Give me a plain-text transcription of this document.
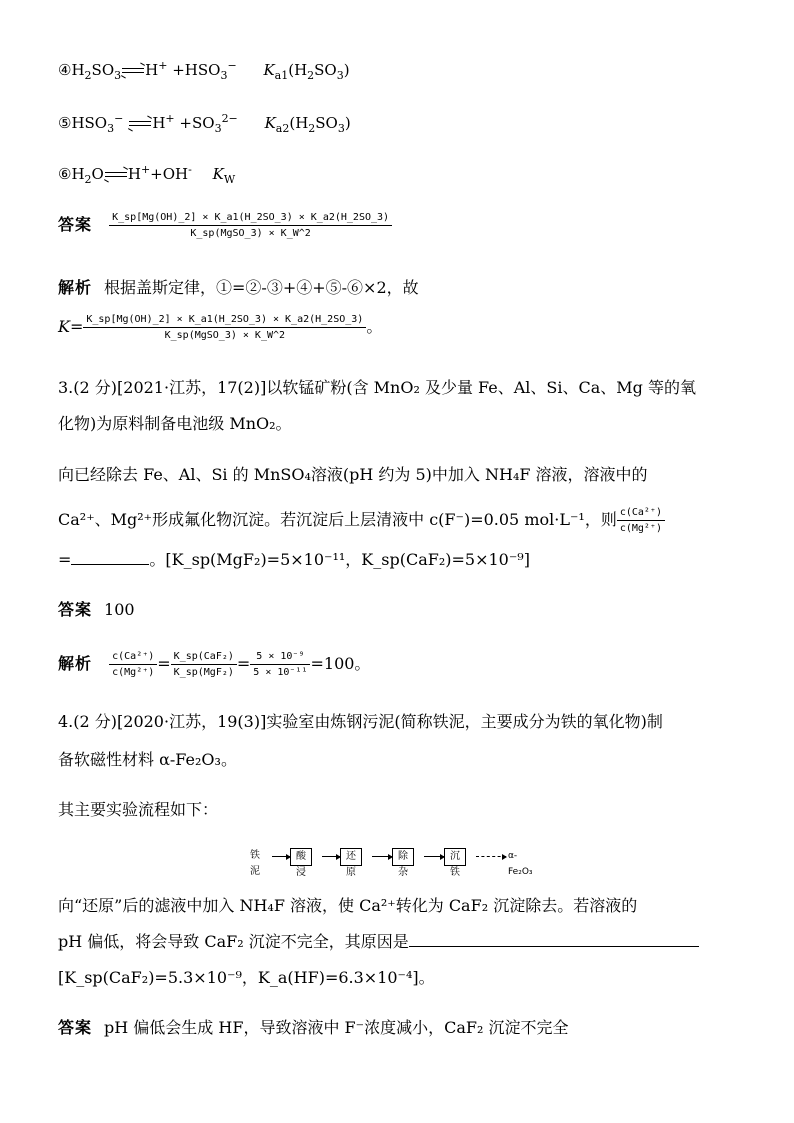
$④H_2SO_3\to H^+ +HSO_3^-$ $K_{a1}(H_2SO_3)$
$⑤HSO_3^- \to H^+ +SO_3^{2-}$ $K_{a2}(H_2SO_3)$
$⑥H_2O\to H^++OH^-$ $K_W$
答案 $\frac{K\_sp[Mg(OH)\_2] \times K\_a1(H\_2SO\_3) \times K\_a2(H\_2SO\_3)}{\text{K\_sp(MgSO\_3) × K\_W\textasciicircum{}2}}$
解析 根据盖斯定律，①=②-③+④+⑤-⑥×2，故
$K= \frac{K\_sp[Mg(OH)\_2] \times K\_a1(H\_2SO\_3) \times K\_a2(H\_2SO\_3)}{\text{K\_sp(MgSO\_3) × K\_W\textasciicircum{}2}}$ 。
3.(2 分)[2021·江苏，17(2)]以软锰矿粉(含 MnO₂ 及少量 Fe、Al、Si、Ca、Mg 等的氧
化物)为原料制备电池级 MnO₂。
向已经除去 Fe、Al、Si 的 MnSO₄溶液(pH 约为 5)中加入 NH₄F 溶液，溶液中的
Ca²⁺、Mg²⁺形成氟化物沉淀。若沉淀后上层清液中 c(F⁻)=0.05 mol·L⁻¹，则 $\frac{\text{c(Ca²⁺)}}{\text{c(Mg²⁺)}}$
=	。[K_sp(MgF₂)=5×10⁻¹¹，K_sp(CaF₂)=5×10⁻⁹]
答案 100
解析 $\frac{\text{c(Ca²⁺)}}{\text{c(Mg²⁺)}} = \frac{\text{K\_sp(CaF₂)}}{\text{K\_sp(MgF₂)}} = \frac{\text{5 × 10⁻⁹}}{\text{5 × 10⁻¹¹}} =100$。
4.(2 分)[2020·江苏，19(3)]实验室由炼钢污泥(简称铁泥，主要成分为铁的氧化物)制
备软磁性材料 α-Fe₂O₃。
其主要实验流程如下：
铁泥
酸浸
还原
除杂
沉铁
α-Fe₂O₃
向“还原”后的滤液中加入 NH₄F 溶液，使 Ca²⁺转化为 CaF₂ 沉淀除去。若溶液的
pH 偏低，将会导致 CaF₂ 沉淀不完全，其原因是
[K_sp(CaF₂)=5.3×10⁻⁹，K_a(HF)=6.3×10⁻⁴]。
答案 pH 偏低会生成 HF，导致溶液中 F⁻浓度减小，CaF₂ 沉淀不完全
